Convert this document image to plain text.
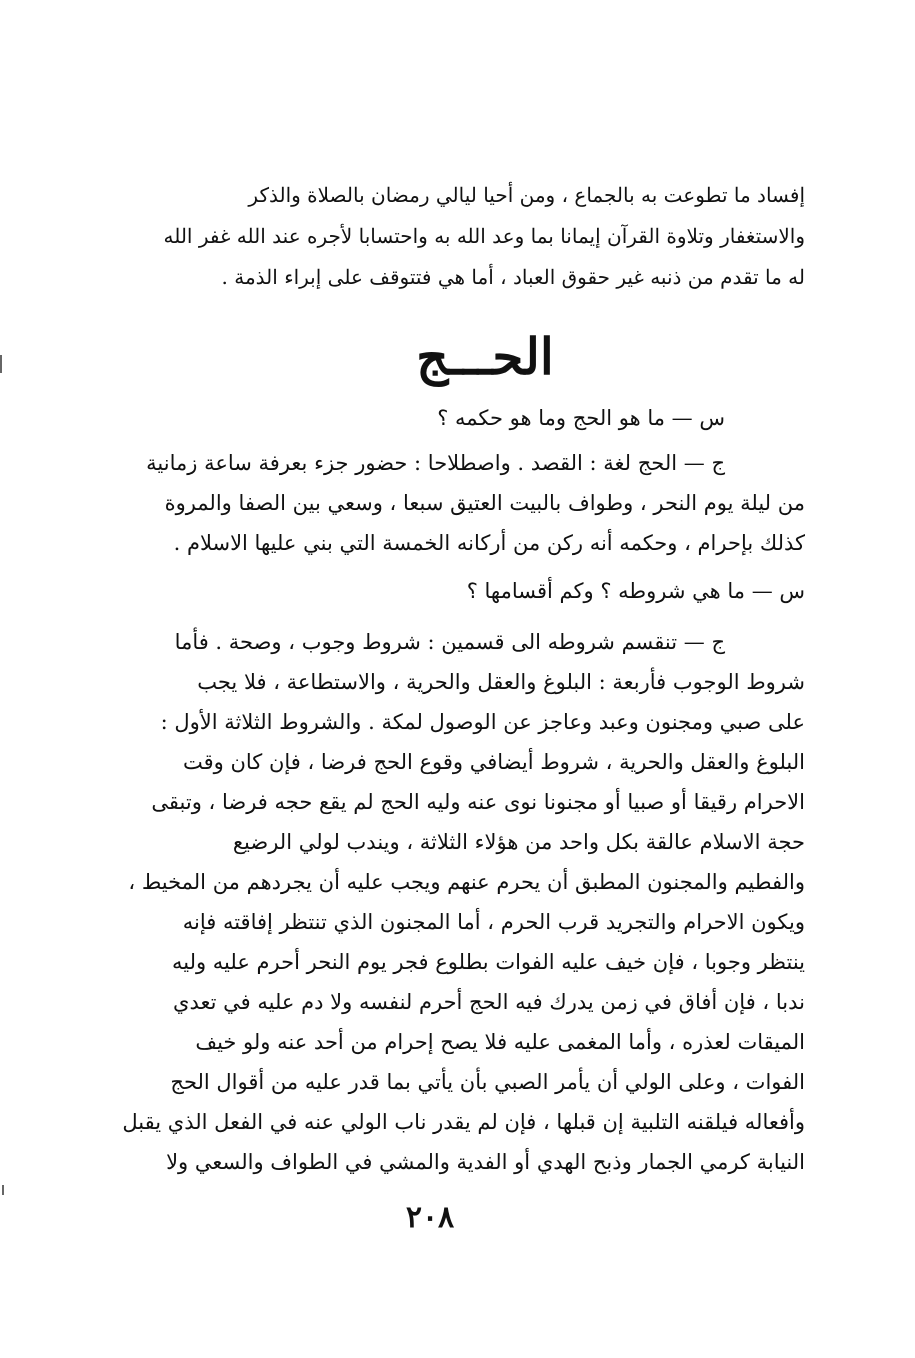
إفساد ما تطوعت به بالجماع ، ومن أحيا ليالي رمضان بالصلاة والذكر
والاستغفار وتلاوة القرآن إيمانا بما وعد الله به واحتسابا لأجره عند الله غفر الله
له ما تقدم من ذنبه غير حقوق العباد ، أما هي فتتوقف على إبراء الذمة .
الحـــج
س — ما هو الحج وما هو حكمه ؟
ج — الحج لغة : القصد . واصطلاحا : حضور جزء بعرفة ساعة زمانية
من ليلة يوم النحر ، وطواف بالبيت العتيق سبعا ، وسعي بين الصفا والمروة
كذلك بإحرام ، وحكمه أنه ركن من أركانه الخمسة التي بني عليها الاسلام .
س — ما هي شروطه ؟ وكم أقسامها ؟
ج — تنقسم شروطه الى قسمين : شروط وجوب ، وصحة . فأما
شروط الوجوب فأربعة : البلوغ والعقل والحرية ، والاستطاعة ، فلا يجب
على صبي ومجنون وعبد وعاجز عن الوصول لمكة . والشروط الثلاثة الأول :
البلوغ والعقل والحرية ، شروط أيضافي وقوع الحج فرضا ، فإن كان وقت
الاحرام رقيقا أو صبيا أو مجنونا نوى عنه وليه الحج لم يقع حجه فرضا ، وتبقى
حجة الاسلام عالقة بكل واحد من هؤلاء الثلاثة ، ويندب لولي الرضيع
والفطيم والمجنون المطبق أن يحرم عنهم ويجب عليه أن يجردهم من المخيط ،
ويكون الاحرام والتجريد قرب الحرم ، أما المجنون الذي تنتظر إفاقته فإنه
ينتظر وجوبا ، فإن خيف عليه الفوات بطلوع فجر يوم النحر أحرم عليه وليه
ندبا ، فإن أفاق في زمن يدرك فيه الحج أحرم لنفسه ولا دم عليه في تعدي
الميقات لعذره ، وأما المغمى عليه فلا يصح إحرام من أحد عنه ولو خيف
الفوات ، وعلى الولي أن يأمر الصبي بأن يأتي بما قدر عليه من أقوال الحج
وأفعاله فيلقنه التلبية إن قبلها ، فإن لم يقدر ناب الولي عنه في الفعل الذي يقبل
النيابة كرمي الجمار وذبح الهدي أو الفدية والمشي في الطواف والسعي ولا
٢٠٨
